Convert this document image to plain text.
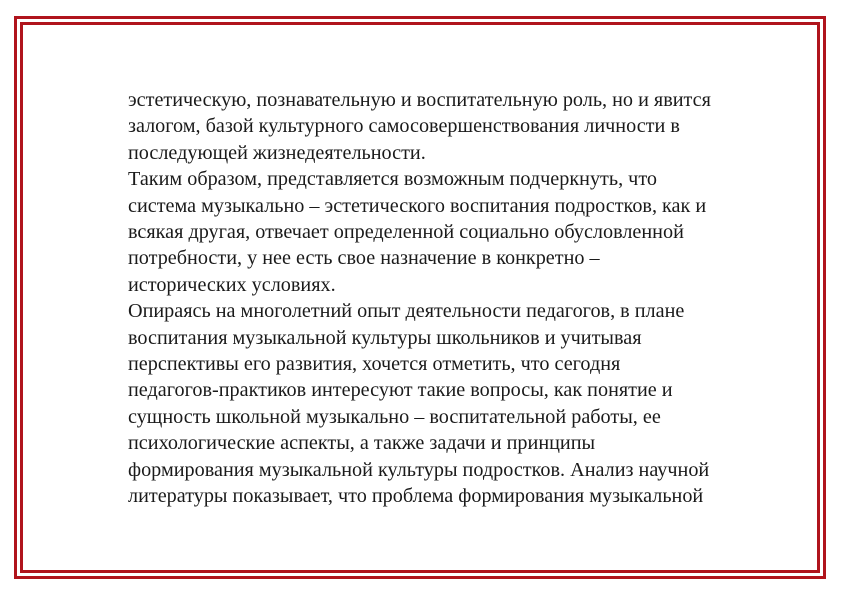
эстетическую, познавательную и воспитательную роль, но и явится
залогом, базой культурного самосовершенствования личности в
последующей жизнедеятельности.
Таким образом, представляется возможным подчеркнуть, что
система музыкально – эстетического воспитания подростков, как и
всякая другая, отвечает определенной социально обусловленной
потребности, у нее есть свое назначение в конкретно –
исторических условиях.
Опираясь на многолетний опыт деятельности педагогов, в плане
воспитания музыкальной культуры школьников и учитывая
перспективы его развития, хочется отметить, что сегодня
педагогов-практиков интересуют такие вопросы, как понятие и
сущность школьной музыкально – воспитательной работы, ее
психологические аспекты, а также задачи и принципы
формирования музыкальной культуры подростков. Анализ научной
литературы показывает, что проблема формирования музыкальной
